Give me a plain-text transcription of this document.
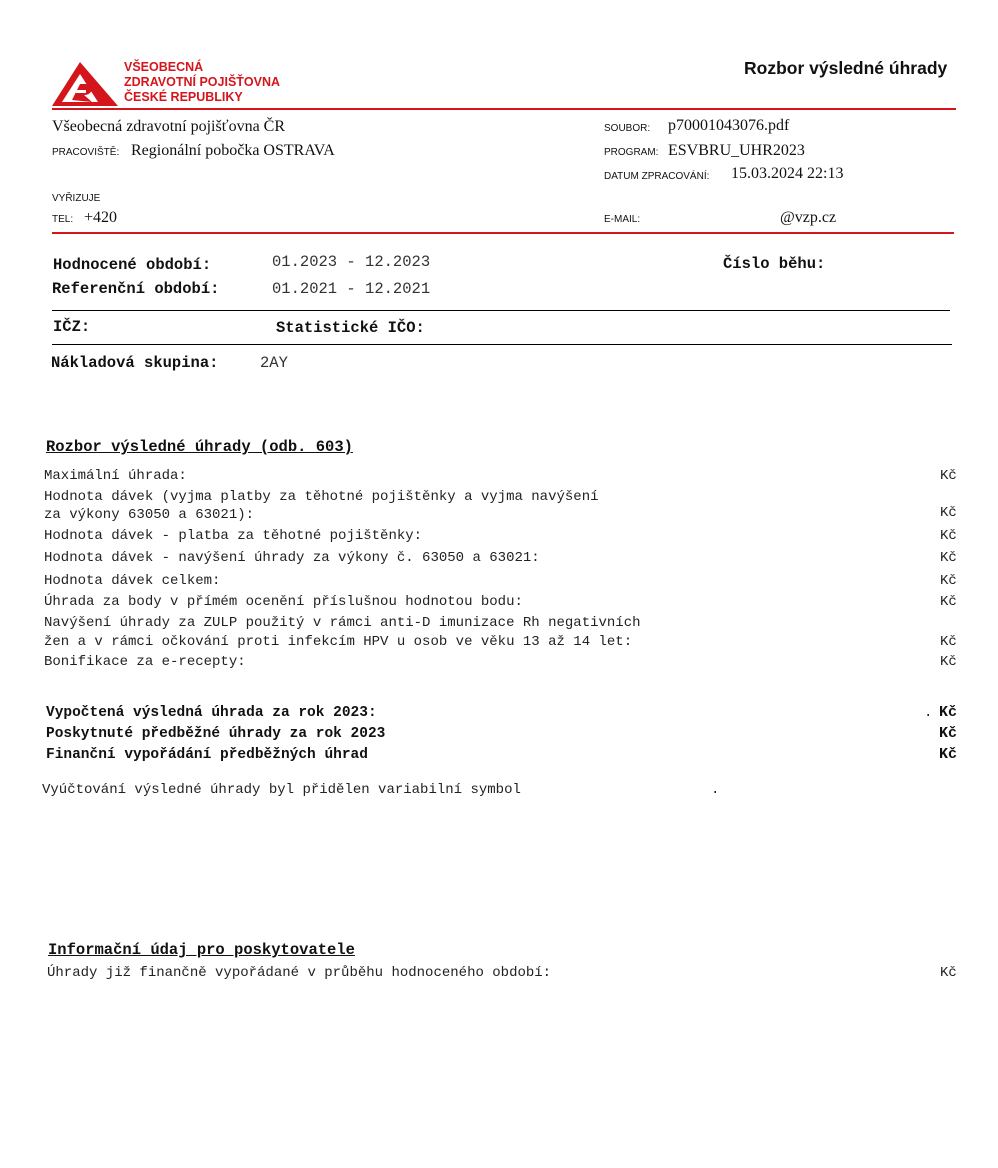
VŠEOBECNÁ
ZDRAVOTNÍ POJIŠŤOVNA
ČESKÉ REPUBLIKY
Rozbor výsledné úhrady
Všeobecná zdravotní pojišťovna ČR
PRACOVIŠTĚ: Regionální pobočka OSTRAVA
VYŘIZUJE
TEL: +420
SOUBOR: p70001043076.pdf
PROGRAM: ESVBRU_UHR2023
DATUM ZPRACOVÁNÍ: 15.03.2024 22:13
E-MAIL:	@vzp.cz
Hodnocené období:	01.2023 - 12.2023
Referenční období:	01.2021 - 12.2021
Číslo běhu:
IČZ:	Statistické IČO:
Nákladová skupina:	2AY
Rozbor výsledné úhrady (odb. 603)
Maximální úhrada:	Kč
Hodnota dávek (vyjma platby za těhotné pojištěnky a vyjma navýšení
za výkony 63050 a 63021):	Kč
Hodnota dávek - platba za těhotné pojištěnky:	Kč
Hodnota dávek - navýšení úhrady za výkony č. 63050 a 63021:	Kč
Hodnota dávek celkem:	Kč
Úhrada za body v přímém ocenění příslušnou hodnotou bodu:	Kč
Navýšení úhrady za ZULP použitý v rámci anti-D imunizace Rh negativních
žen a v rámci očkování proti infekcím HPV u osob ve věku 13 až 14 let:	Kč
Bonifikace za e-recepty:	Kč
Vypočtená výsledná úhrada za rok 2023:	. Kč
Poskytnuté předběžné úhrady za rok 2023	Kč
Finanční vypořádání předběžných úhrad	Kč
Vyúčtování výsledné úhrady byl přidělen variabilní symbol	.
Informační údaj pro poskytovatele
Úhrady již finančně vypořádané v průběhu hodnoceného období:	Kč
